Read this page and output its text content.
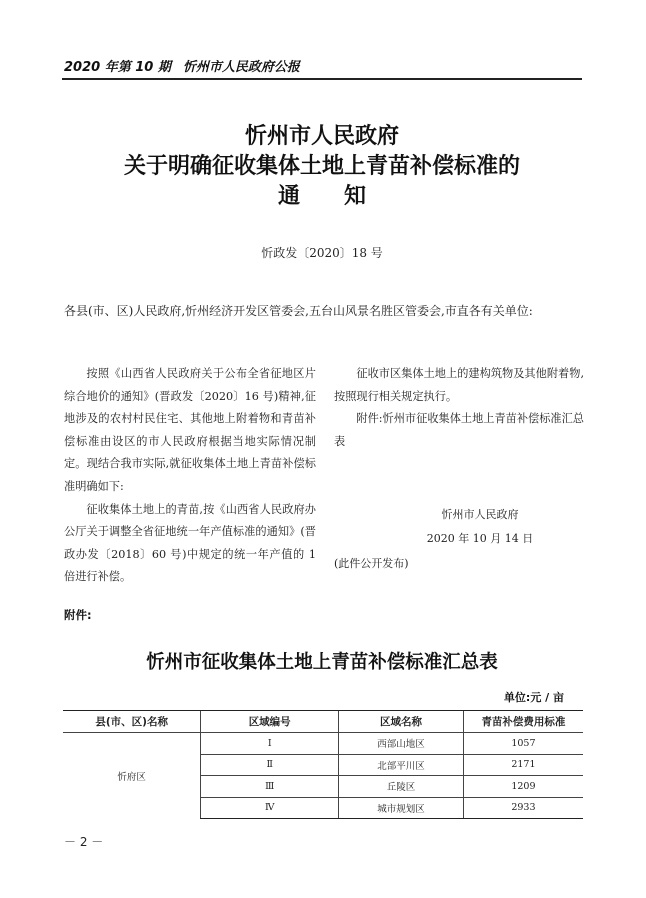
2020 年第 10 期 忻州市人民政府公报
忻州市人民政府
关于明确征收集体土地上青苗补偿标准的
通　　知
忻政发〔2020〕18 号
各县(市、区)人民政府,忻州经济开发区管委会,五台山风景名胜区管委会,市直各有关单位:

按照《山西省人民政府关于公布全省征地区片综合地价的通知》(晋政发〔2020〕16 号)精神,征地涉及的农村村民住宅、其他地上附着物和青苗补偿标准由设区的市人民政府根据当地实际情况制定。现结合我市实际,就征收集体土地上青苗补偿标准明确如下:

征收集体土地上的青苗,按《山西省人民政府办公厅关于调整全省征地统一年产值标准的通知》(晋政办发〔2018〕60 号)中规定的统一年产值的 1 倍进行补偿。

征收市区集体土地上的建构筑物及其他附着物,按照现行相关规定执行。

附件:忻州市征收集体土地上青苗补偿标准汇总表

忻州市人民政府
2020 年 10 月 14 日
(此件公开发布)
附件:
忻州市征收集体土地上青苗补偿标准汇总表
单位:元 / 亩
县(市、区)名称	区域编号	区域名称	青苗补偿费用标准
忻府区	Ⅰ	西部山地区	1057
	Ⅱ	北部平川区	2171
	Ⅲ	丘陵区	1209
	Ⅳ	城市规划区	2933
－ 2 －
